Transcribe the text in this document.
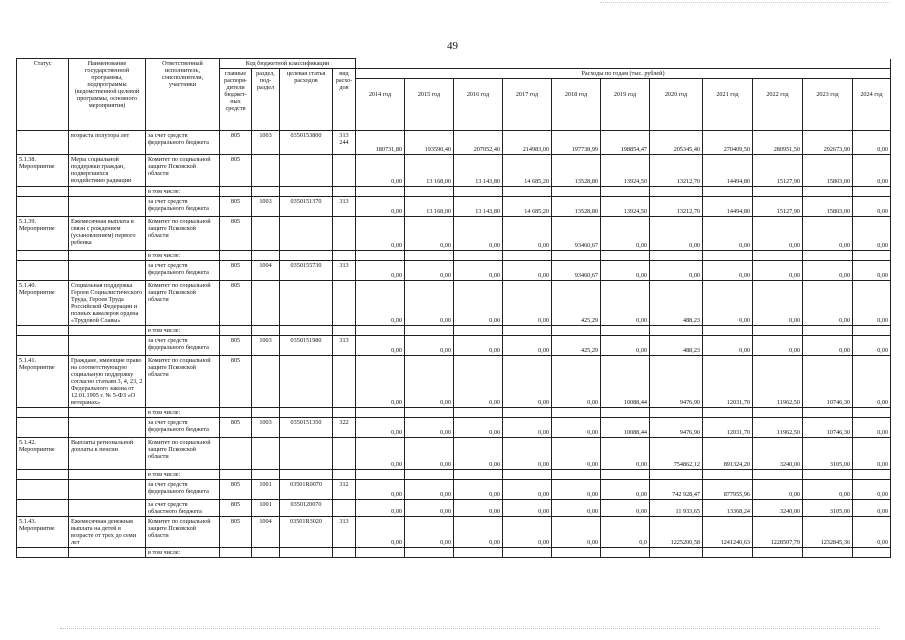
49
Статус	Наименование государственной программы, подпрограммы (ведомственной целевой программы, основного мероприятия)	Ответственный исполнитель, соисполнители, участники	Код бюджетной классификации														
			главные распоря-дители бюджет-ных средств	раздел, под-раздел	целевая статья расходов	вид расхо-дов	Расходы по годам (тыс. рублей)										
							2014 год	2015 год	2016 год	2017 год	2018 год	2019 год	2020 год	2021 год	2022 год	2023 год	2024 год
	возраста полутора лет	за счет средств федерального бюджета	805	1003	0350153800	313 244	180731,80	193590,40	207052,40	214983,00	197738,99	198854,47	205345,40	270409,50	280951,50	292673,90	0,00
5.1.38. Мероприятие	Меры социальной поддержки граждан, подвергшихся воздействию радиации	Комитет по социальной защите Псковской области	805				0,00	13 168,00	13 143,80	14 685,20	13528,80	13924,50	13212,70	14494,80	15127,90	15803,00	0,00
		в том числе:															
		за счет средств федерального бюджета	805	1003	0350151370	313	0,00	13 168,00	13 143,80	14 685,20	13528,80	13924,50	13212,70	14494,80	15127,90	15803,00	0,00
5.1.39. Мероприятие	Ежемесячная выплата в связи с рождением (усыновлением) первого ребенка	Комитет по социальной защите Псковской области	805				0,00	0,00	0,00	0,00	93460,67	0,00	0,00	0,00	0,00	0,00	0,00
		в том числе:															
		за счет средств федерального бюджета	805	1004	0350155730	313	0,00	0,00	0,00	0,00	93460,67	0,00	0,00	0,00	0,00	0,00	0,00
5.1.40. Мероприятие	Социальная поддержка Героев Социалистического Труда, Героев Труда Российской Федерации и полных кавалеров ордена «Трудовой Славы»	Комитет по социальной защите Псковской области	805				0,00	0,00	0,00	0,00	425,29	0,00	488,23	0,00	0,00	0,00	0,00
		в том числе:															
		за счет средств федерального бюджета	805	1003	0350151980	313	0,00	0,00	0,00	0,00	425,29	0,00	488,23	0,00	0,00	0,00	0,00
5.1.41. Мероприятие	Граждане, имеющие право на соответствующую социальную поддержку согласно статьям 3, 4, 23, 2 Федерального закона от 12.01.1995 г. № 5-ФЗ «О ветеранах»	Комитет по социальной защите Псковской области	805				0,00	0,00	0,00	0,00	0,00	10088,44	9476,90	12031,70	11962,50	10746,30	0,00
		в том числе:															
		за счет средств федерального бюджета	805	1003	0350151350	322	0,00	0,00	0,00	0,00	0,00	10088,44	9476,90	12031,70	11962,50	10746,30	0,00
5.1.42. Мероприятие	Выплаты региональной доплаты к пенсии	Комитет по социальной защите Псковской области					0,00	0,00	0,00	0,00	0,00	0,00	754862,12	891324,20	3240,00	3105,00	0,00
		в том числе:															
		за счет средств федерального бюджета	805	1001	03501R0070	312	0,00	0,00	0,00	0,00	0,00	0,00	742 928,47	877955,96	0,00	0,00	0,00
		за счет средств областного бюджета	805	1001	0350120070		0,00	0,00	0,00	0,00	0,00	0,00	11 933,65	13368,24	3240,00	3105,00	0,00
5.1.43. Мероприятие	Ежемесячная денежная выплата на детей в возрасте от трех до семи лет	Комитет по социальной защите Псковской области	805	1004	03501R3020	313	0,00	0,00	0,00	0,00	0,00	0,0	1225200,58	1241240,63	1228507,79	1232845,36	0,00
		в том числе:															
